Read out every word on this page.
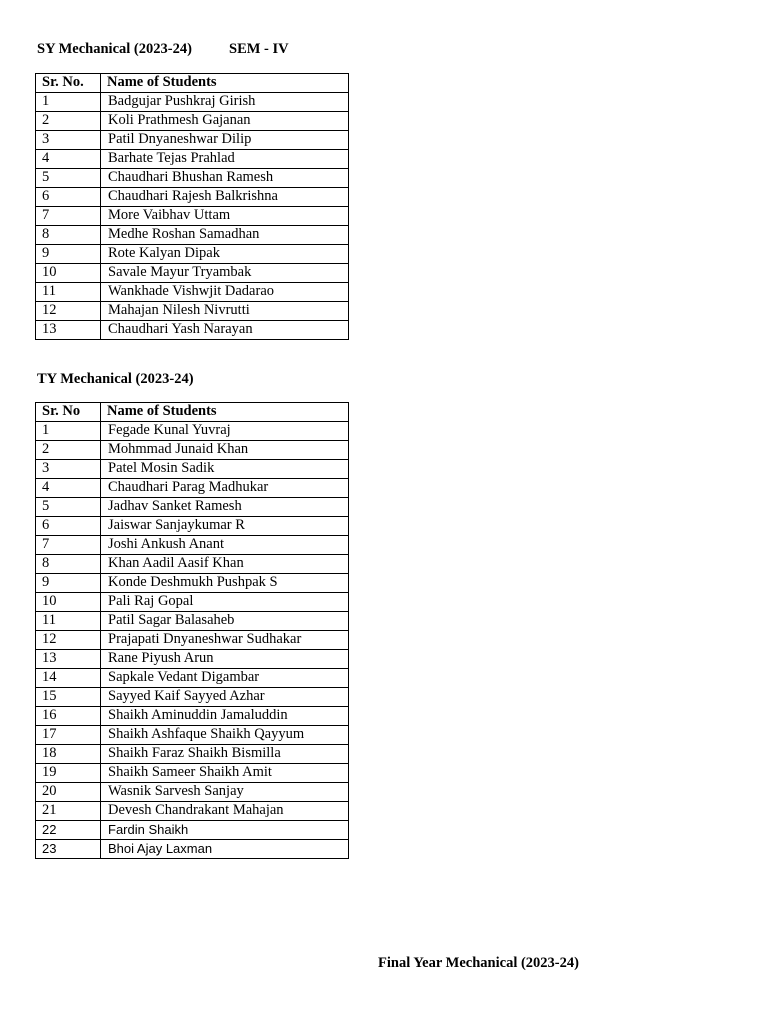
SY Mechanical (2023-24)	SEM - IV
Sr. No.	Name of Students
1	Badgujar Pushkraj Girish
2	Koli Prathmesh Gajanan
3	Patil Dnyaneshwar Dilip
4	Barhate Tejas Prahlad
5	Chaudhari Bhushan Ramesh
6	Chaudhari Rajesh Balkrishna
7	More Vaibhav Uttam
8	Medhe Roshan Samadhan
9	Rote Kalyan Dipak
10	Savale Mayur Tryambak
11	Wankhade Vishwjit Dadarao
12	Mahajan Nilesh Nivrutti
13	Chaudhari Yash Narayan
TY Mechanical (2023-24)
Sr. No	Name of Students
1	Fegade Kunal Yuvraj
2	Mohmmad Junaid Khan
3	Patel Mosin Sadik
4	Chaudhari Parag Madhukar
5	Jadhav Sanket Ramesh
6	Jaiswar Sanjaykumar R
7	Joshi Ankush Anant
8	Khan Aadil Aasif Khan
9	Konde Deshmukh Pushpak S
10	Pali Raj Gopal
11	Patil Sagar Balasaheb
12	Prajapati Dnyaneshwar Sudhakar
13	Rane Piyush Arun
14	Sapkale Vedant Digambar
15	Sayyed Kaif Sayyed Azhar
16	Shaikh Aminuddin Jamaluddin
17	Shaikh Ashfaque Shaikh Qayyum
18	Shaikh Faraz Shaikh Bismilla
19	Shaikh Sameer Shaikh Amit
20	Wasnik Sarvesh Sanjay
21	Devesh Chandrakant Mahajan
22	Fardin Shaikh
23	Bhoi Ajay Laxman
Final Year Mechanical (2023-24)
